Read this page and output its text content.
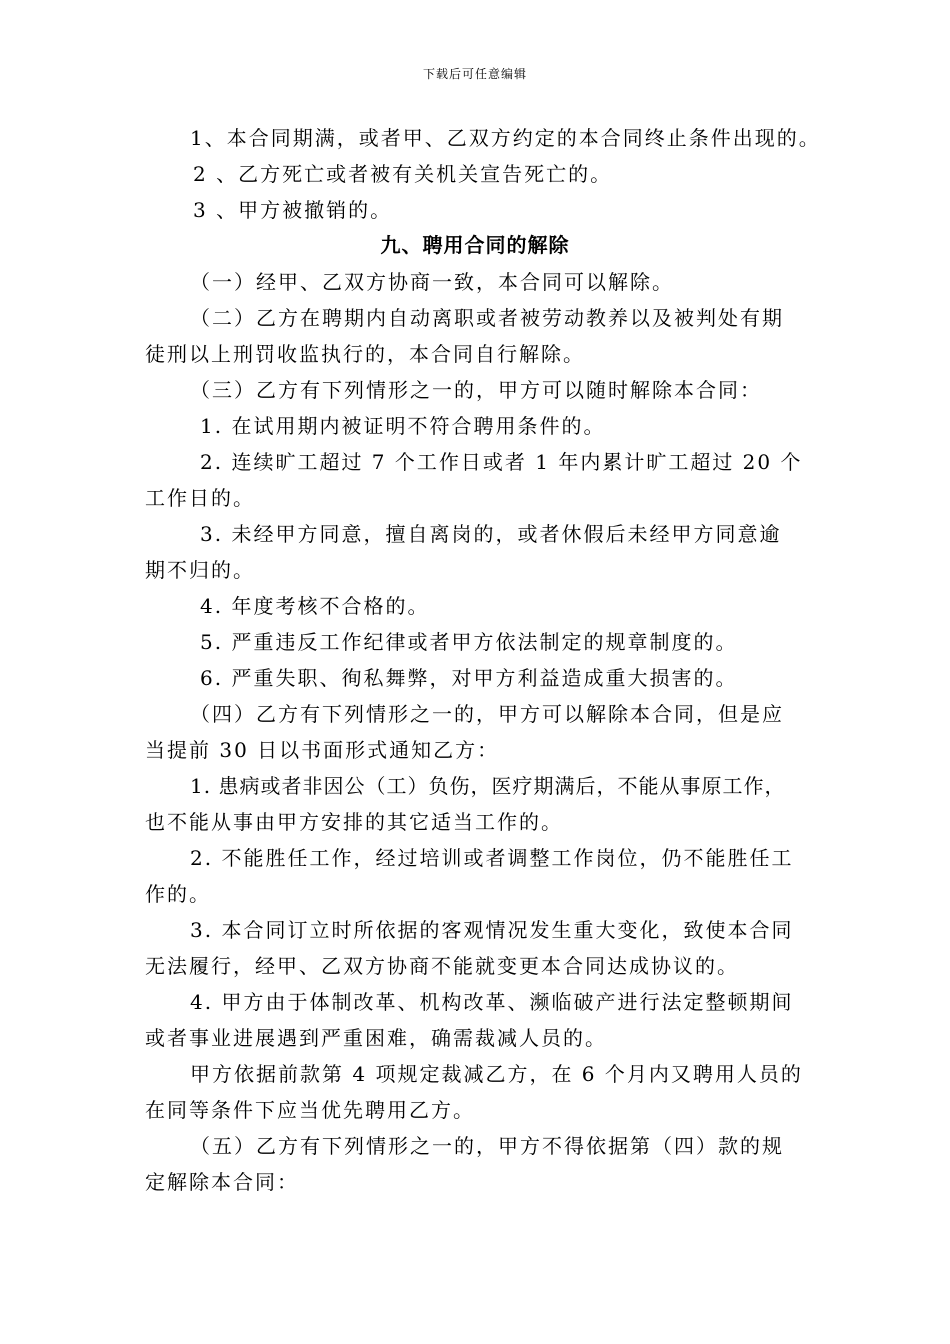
下载后可任意编辑
1、本合同期满，或者甲、乙双方约定的本合同终止条件出现的。
2 、乙方死亡或者被有关机关宣告死亡的。
3 、甲方被撤销的。
九、聘用合同的解除
（一）经甲、乙双方协商一致，本合同可以解除。
（二）乙方在聘期内自动离职或者被劳动教养以及被判处有期
徒刑以上刑罚收监执行的，本合同自行解除。
（三）乙方有下列情形之一的，甲方可以随时解除本合同：
1. 在试用期内被证明不符合聘用条件的。
2. 连续旷工超过 7 个工作日或者 1 年内累计旷工超过 20 个
工作日的。
3. 未经甲方同意，擅自离岗的，或者休假后未经甲方同意逾
期不归的。
4. 年度考核不合格的。
5. 严重违反工作纪律或者甲方依法制定的规章制度的。
6. 严重失职、徇私舞弊，对甲方利益造成重大损害的。
（四）乙方有下列情形之一的，甲方可以解除本合同，但是应
当提前 30 日以书面形式通知乙方：
1. 患病或者非因公（工）负伤，医疗期满后，不能从事原工作，
也不能从事由甲方安排的其它适当工作的。
2. 不能胜任工作，经过培训或者调整工作岗位，仍不能胜任工
作的。
3. 本合同订立时所依据的客观情况发生重大变化，致使本合同
无法履行，经甲、乙双方协商不能就变更本合同达成协议的。
4. 甲方由于体制改革、机构改革、濒临破产进行法定整顿期间
或者事业进展遇到严重困难，确需裁减人员的。
甲方依据前款第 4 项规定裁减乙方，在 6 个月内又聘用人员的
在同等条件下应当优先聘用乙方。
（五）乙方有下列情形之一的，甲方不得依据第（四）款的规
定解除本合同：
